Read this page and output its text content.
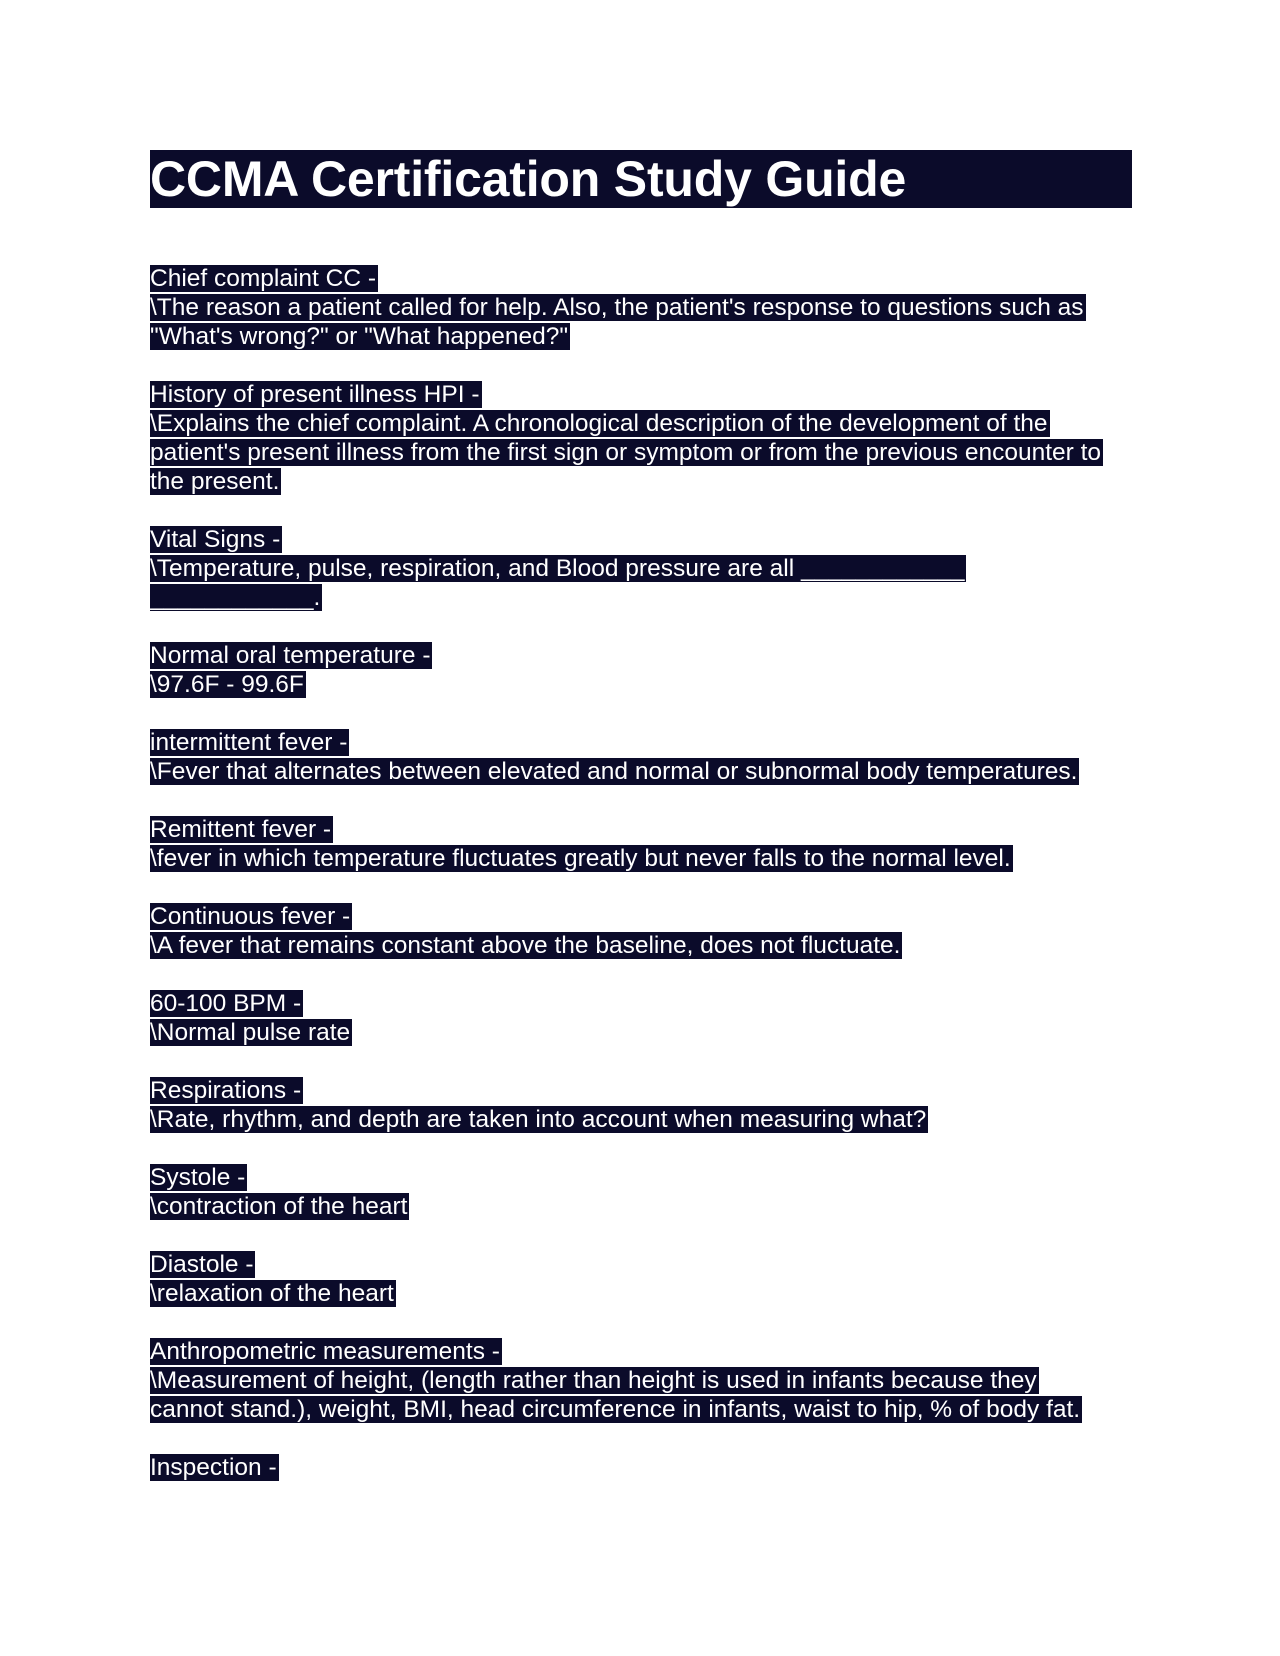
CCMA Certification Study Guide
Chief complaint CC -
\The reason a patient called for help. Also, the patient's response to questions such as "What's wrong?" or "What happened?"
History of present illness HPI -
\Explains the chief complaint. A chronological description of the development of the patient's present illness from the first sign or symptom or from the previous encounter to the present.
Vital Signs -
\Temperature, pulse, respiration, and Blood pressure are all ____________ ____________.
Normal oral temperature -
\97.6F - 99.6F
intermittent fever -
\Fever that alternates between elevated and normal or subnormal body temperatures.
Remittent fever -
\fever in which temperature fluctuates greatly but never falls to the normal level.
Continuous fever -
\A fever that remains constant above the baseline, does not fluctuate.
60-100 BPM -
\Normal pulse rate
Respirations -
\Rate, rhythm, and depth are taken into account when measuring what?
Systole -
\contraction of the heart
Diastole -
\relaxation of the heart
Anthropometric measurements -
\Measurement of height, (length rather than height is used in infants because they cannot stand.), weight, BMI, head circumference in infants, waist to hip, % of body fat.
Inspection -
